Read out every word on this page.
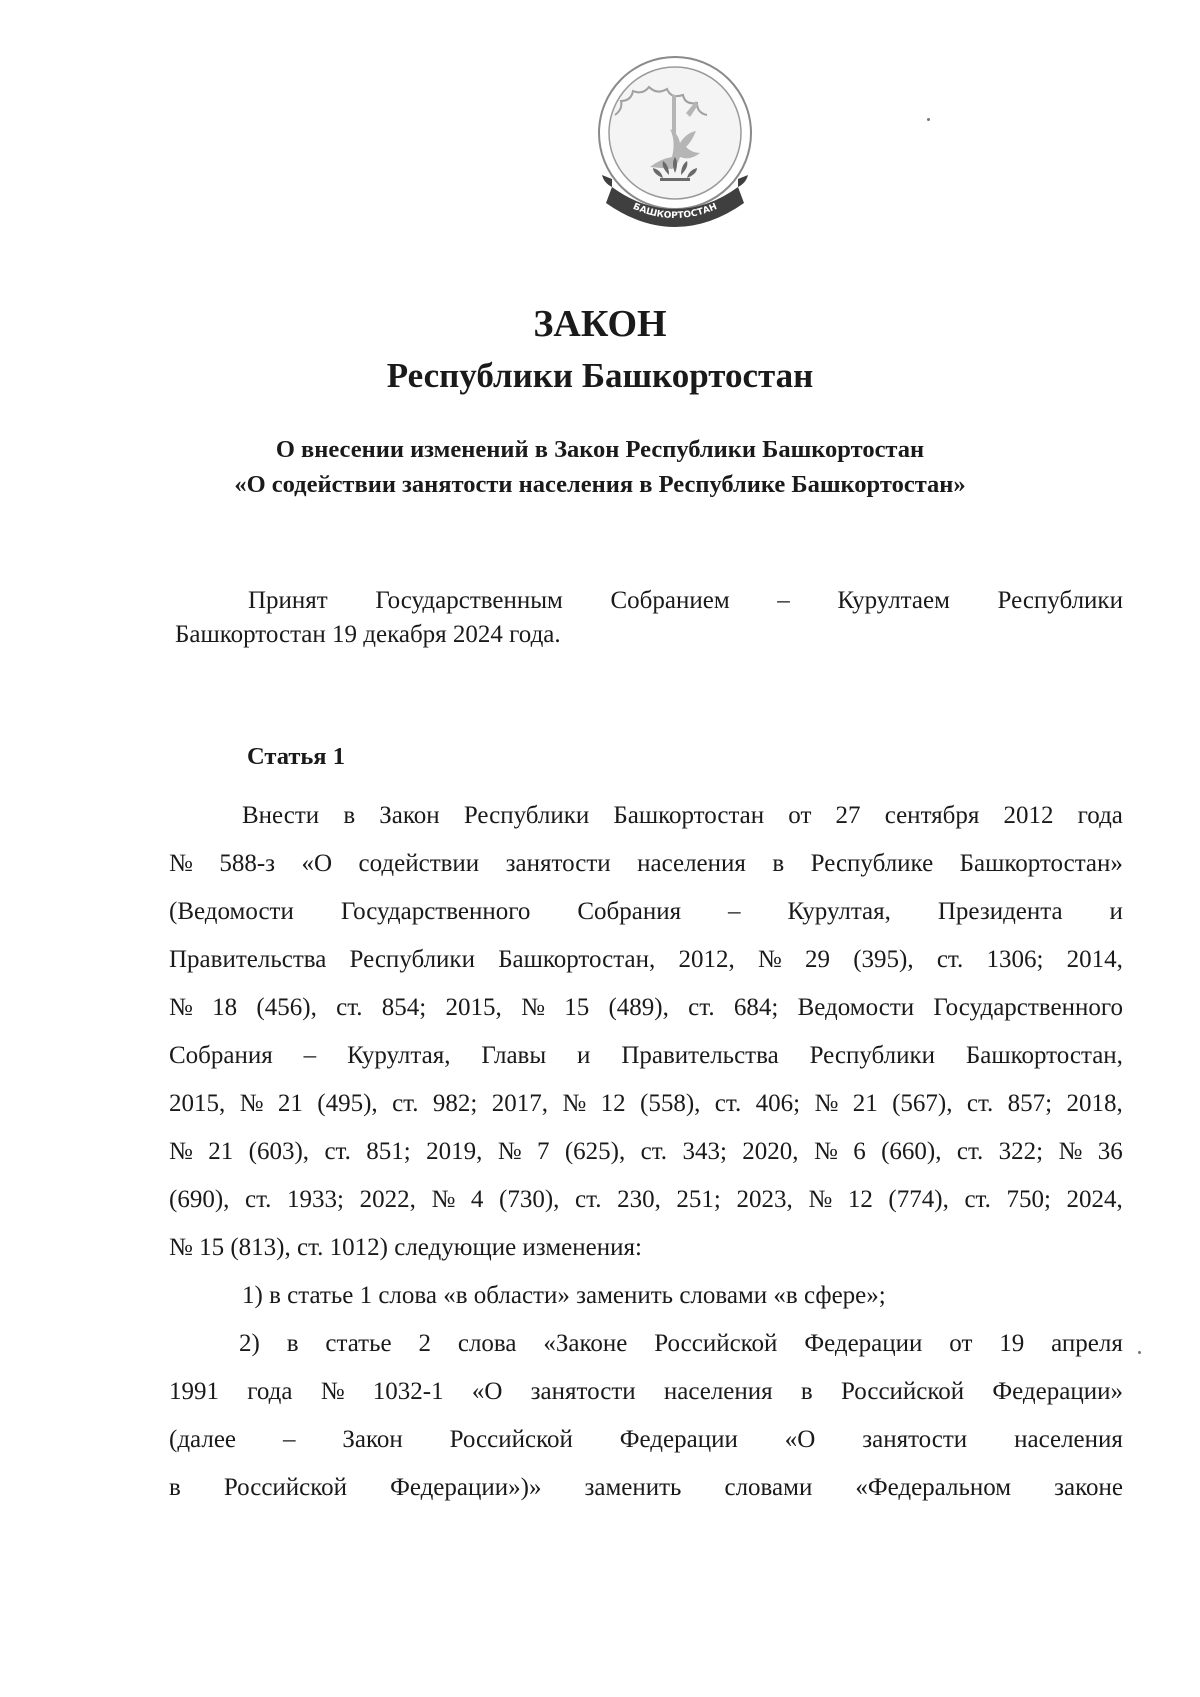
БАШКОРТОСТАН
ЗАКОН
Республики Башкортостан
О внесении изменений в Закон Республики Башкортостан
«О содействии занятости населения в Республике Башкортостан»
Принят Государственным Собранием – Курултаем Республики
Башкортостан 19 декабря 2024 года.
Статья 1
Внести в Закон Республики Башкортостан от 27 сентября 2012 года
№ 588-з «О содействии занятости населения в Республике Башкортостан»
(Ведомости Государственного Собрания – Курултая, Президента и
Правительства Республики Башкортостан, 2012, № 29 (395), ст. 1306; 2014,
№ 18 (456), ст. 854; 2015, № 15 (489), ст. 684; Ведомости Государственного
Собрания – Курултая, Главы и Правительства Республики Башкортостан,
2015, № 21 (495), ст. 982; 2017, № 12 (558), ст. 406; № 21 (567), ст. 857; 2018,
№ 21 (603), ст. 851; 2019, № 7 (625), ст. 343; 2020, № 6 (660), ст. 322; № 36
(690), ст. 1933; 2022, № 4 (730), ст. 230, 251; 2023, № 12 (774), ст. 750; 2024,
№ 15 (813), ст. 1012) следующие изменения:
1) в статье 1 слова «в области» заменить словами «в сфере»;
2) в статье 2 слова «Законе Российской Федерации от 19 апреля
1991 года № 1032-1 «О занятости населения в Российской Федерации»
(далее – Закон Российской Федерации «О занятости населения
в Российской Федерации»)» заменить словами «Федеральном законе
